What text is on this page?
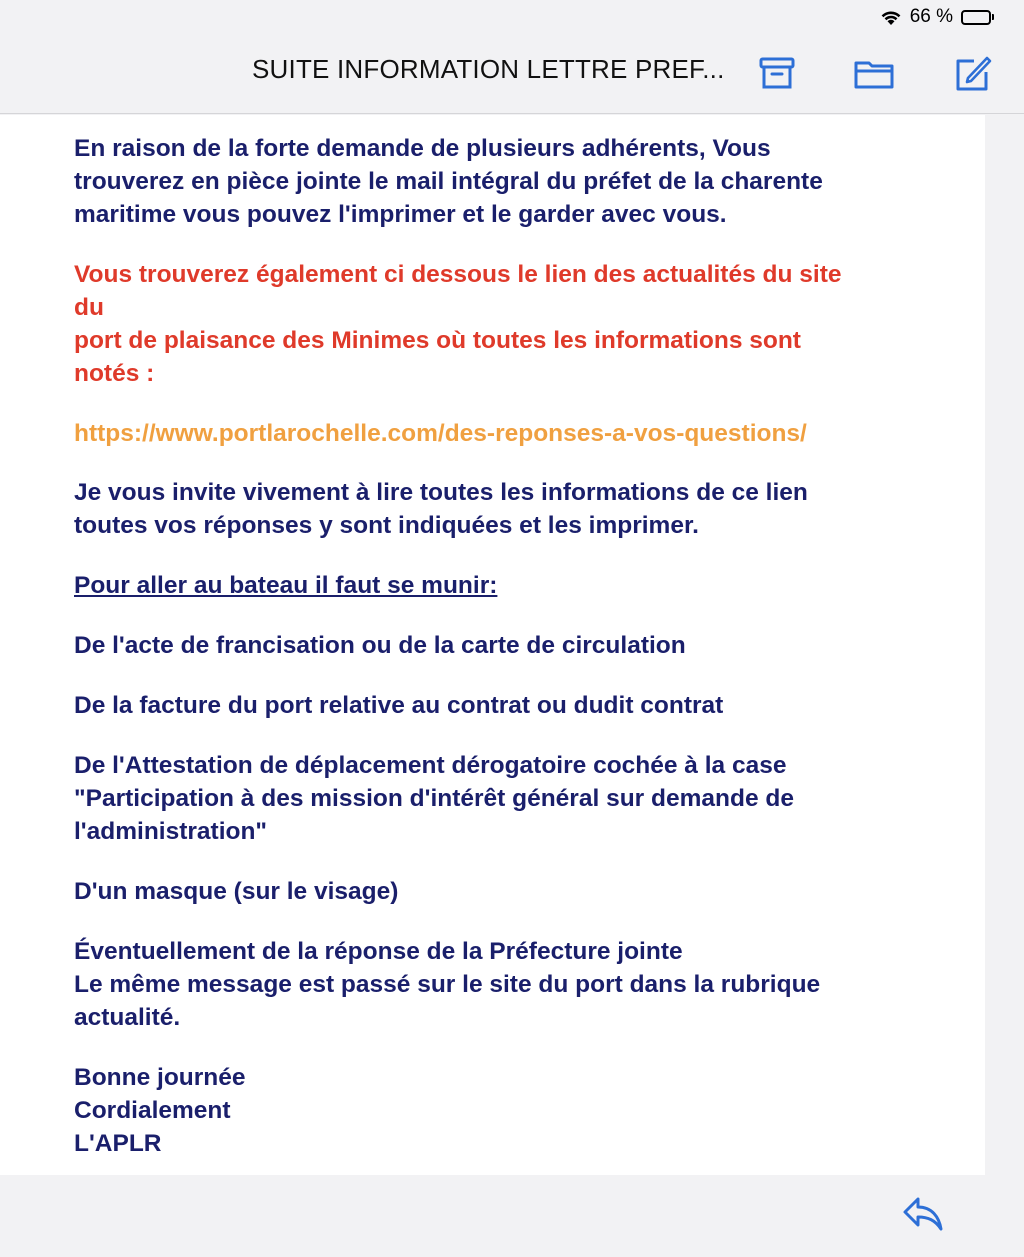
66 %
SUITE INFORMATION LETTRE PREF...
En raison de la forte demande de plusieurs adhérents, Vous
trouverez en pièce jointe le mail intégral du préfet de la charente
maritime vous pouvez l'imprimer et le garder avec vous.
Vous trouverez également ci dessous le lien des actualités du site
du
port de plaisance des Minimes où toutes les informations sont
notés :
https://www.portlarochelle.com/des-reponses-a-vos-questions/
Je vous invite vivement à lire toutes les informations de ce lien
toutes vos réponses y sont indiquées et les imprimer.
Pour aller au bateau il faut se munir:
De l'acte de francisation ou de la carte de circulation
De la facture du port relative au contrat ou dudit contrat
De l'Attestation de déplacement dérogatoire cochée à la case
"Participation à des mission d'intérêt général sur demande de
l'administration"
D'un masque (sur le visage)
Éventuellement de la réponse de la Préfecture jointe
Le même message est passé sur le site du port dans la rubrique
actualité.
Bonne journée
Cordialement
L'APLR
